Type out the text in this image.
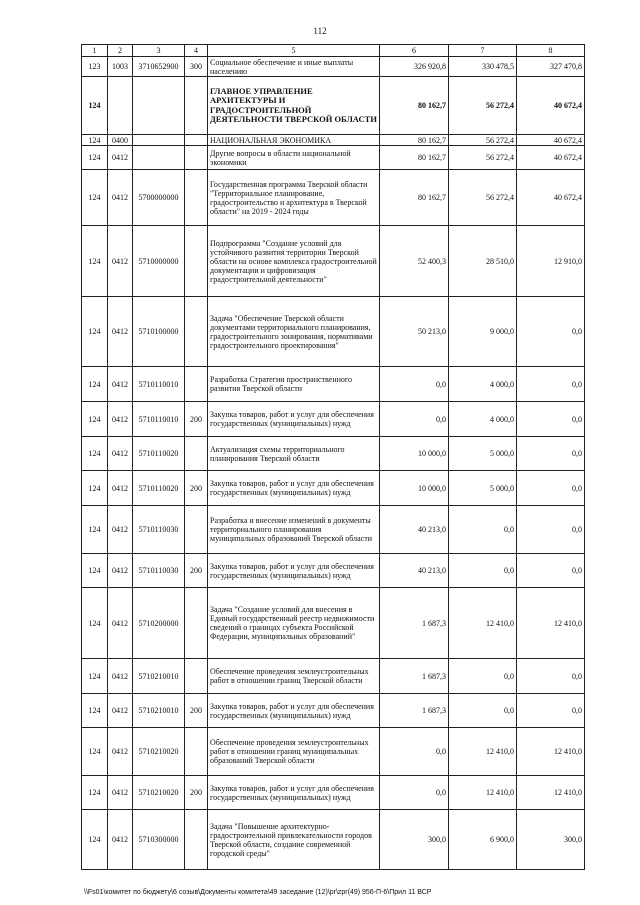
112
1	2	3	4	5	6	7	8
123	1003	3710652900	300	Социальное обеспечение и иные выплаты населению	326 920,8	330 478,5	327 470,8
124				ГЛАВНОЕ УПРАВЛЕНИЕ АРХИТЕКТУРЫ И ГРАДОСТРОИТЕЛЬНОЙ ДЕЯТЕЛЬНОСТИ ТВЕРСКОЙ ОБЛАСТИ	80 162,7	56 272,4	40 672,4
124	0400			НАЦИОНАЛЬНАЯ ЭКОНОМИКА	80 162,7	56 272,4	40 672,4
124	0412			Другие вопросы в области национальной экономики	80 162,7	56 272,4	40 672,4
124	0412	5700000000		Государственная программа Тверской области "Территориальное планирование, градостроительство и архитектура в Тверской области" на 2019 - 2024 годы	80 162,7	56 272,4	40 672,4
124	0412	5710000000		Подпрограмма "Создание условий для устойчивого развития территории Тверской области на основе комплекса градостроительной документации и цифровизация градостроительной деятельности"	52 400,3	28 510,0	12 910,0
124	0412	5710100000		Задача "Обеспечение Тверской области документами территориального планирования, градостроительного зонирования, нормативами градостроительного проектирования"	50 213,0	9 000,0	0,0
124	0412	5710110010		Разработка Стратегии пространственного развития Тверской области	0,0	4 000,0	0,0
124	0412	5710110010	200	Закупка товаров, работ и услуг для обеспечения государственных (муниципальных) нужд	0,0	4 000,0	0,0
124	0412	5710110020		Актуализация схемы территориального планирования Тверской области	10 000,0	5 000,0	0,0
124	0412	5710110020	200	Закупка товаров, работ и услуг для обеспечения государственных (муниципальных) нужд	10 000,0	5 000,0	0,0
124	0412	5710110030		Разработка и внесение изменений в документы территориального планирования муниципальных образований Тверской области	40 213,0	0,0	0,0
124	0412	5710110030	200	Закупка товаров, работ и услуг для обеспечения государственных (муниципальных) нужд	40 213,0	0,0	0,0
124	0412	5710200000		Задача "Создание условий для внесения в Единый государственный реестр недвижимости сведений о границах субъекта Российской Федерации, муниципальных образований"	1 687,3	12 410,0	12 410,0
124	0412	5710210010		Обеспечение проведения землеустроительных работ в отношении границ Тверской области	1 687,3	0,0	0,0
124	0412	5710210010	200	Закупка товаров, работ и услуг для обеспечения государственных (муниципальных) нужд	1 687,3	0,0	0,0
124	0412	5710210020		Обеспечение проведения землеустроительных работ в отношении границ муниципальных образований Тверской области	0,0	12 410,0	12 410,0
124	0412	5710210020	200	Закупка товаров, работ и услуг для обеспечения государственных (муниципальных) нужд	0,0	12 410,0	12 410,0
124	0412	5710300000		Задача "Повышение архитектурно-градостроительной привлекательности городов Тверской области, создание современной городской среды"	300,0	6 900,0	300,0
\\Fs01\комитет по бюджету\6 созыв\Документы комитета\49 заседание (12)\pr\zpr(49) 956-П-6\Прил 11 ВСР
